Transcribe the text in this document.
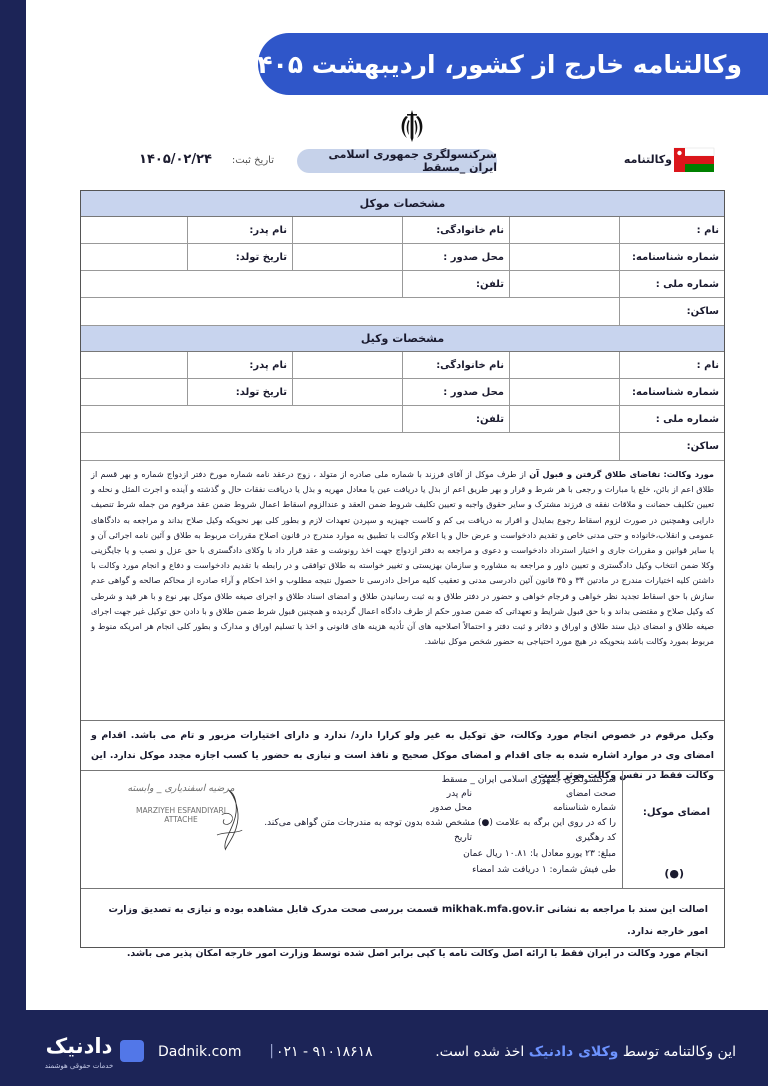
وکالتنامه خارج از کشور، اردیبهشت ۱۴۰۵
وکالتنامه
سرکنسولگری جمهوری اسلامی ایران _مسقط
تاریخ ثبت:
۱۴۰۵/۰۲/۲۴
مشخصات موکل
نام :
نام خانوادگی:
نام پدر:
شماره شناسنامه:
محل صدور :
تاریخ تولد:
شماره ملی :
تلفن:
ساکن:
مشخصات وکیل
نام :
نام خانوادگی:
نام پدر:
شماره شناسنامه:
محل صدور :
تاریخ تولد:
شماره ملی :
تلفن:
ساکن:
مورد وکالت: تقاضای طلاق گرفتن و قبول آن از طرف موکل از آقای فرزند با شماره ملی صادره از متولد ، زوج درعقد نامه شماره مورخ دفتر ازدواج شماره و بهر قسم از طلاق اعم از بائن، خلع یا مبارات و رجعی با هر شرط و قرار و بهر طریق اعم از بذل یا دریافت عین یا معادل مهریه و بذل یا دریافت نفقات حال و گذشته و آینده و اجرت المثل و نحله و تعیین تکلیف حضانت و ملاقات نفقه ی فرزند مشترک و سایر حقوق واجبه و تعیین تکلیف شروط ضمن العقد و عندالزوم اسقاط اعمال شروط ضمن عقد مرقوم من جمله شرط تنصیف دارایی وهمچنین در صورت لزوم اسقاط رجوع بمایذل و اقرار به دریافت بی کم و کاست جهیزیه و سپردن تعهدات لازم و بطور کلی بهر نحویکه وکیل صلاح بداند و مراجعه به دادگاهای عمومی و انقلاب،خانواده و حتی مدنی خاص و تقدیم دادخواست و عرض حال و یا اعلام وکالت با تطبیق به موارد مندرج در قانون اصلاح مقررات مربوط به طلاق و آئین نامه اجرائی آن و یا سایر قوانین و مقررات جاری و اختیار استرداد دادخواست و دعوی و مراجعه به دفتر ازدواج جهت اخذ رونوشت و عقد قرار داد با وکلای دادگستری با حق عزل و نصب و یا جایگزینی وکلا ضمن انتخاب وکیل دادگستری و تعیین داور و مراجعه به مشاوره و سازمان بهزیستی و تغییر خواسته به طلاق توافقی و در رابطه با تقدیم دادخواست و دفاع و انجام مورد وکالت با داشتن کلیه اختیارات مندرج در مادتین ۳۴ و ۳۵ قانون آئین دادرسی مدنی و تعقیب کلیه مراحل دادرسی تا حصول نتیجه مطلوب و اخذ احکام و آراء صادره از محاکم صالحه و گواهی عدم سازش با حق اسقاط تجدید نظر خواهی و فرجام خواهی و حضور در دفتر طلاق و به ثبت رسانیدن طلاق و امضای اسناد طلاق و اجرای صیغه طلاق موکل بهر نوع و با هر قید و شرطی که وکیل صلاح و مقتضی بداند و با حق قبول شرایط و تعهداتی که ضمن صدور حکم از طرف دادگاه اعمال گردیده و همچنین قبول شرط ضمن طلاق و با دادن حق توکیل غیر جهت اجرای صیغه طلاق و امضای ذیل سند طلاق و اوراق و دفاتر و ثبت دفتر و احتمالاً اصلاحیه های آن تأدیه هزینه های قانونی و اخذ یا تسلیم اوراق و مدارک و بطور کلی انجام هر امریکه منوط و مربوط بمورد وکالت باشد بنحویکه در هیچ مورد احتیاجی به حضور شخص موکل نباشد.
وکیل مرقوم در خصوص انجام مورد وکالت، حق توکیل به غیر ولو کرارا دارد/ ندارد و دارای اختیارات مزبور و تام می باشد. اقدام و امضای وی در موارد اشاره شده به جای اقدام و امضای موکل صحیح و نافذ است و نیازی به حضور یا کسب اجازه مجدد موکل ندارد. این وکالت فقط در نفس وکالت موثر است.
امضای موکل:
(●)
سرکنسولگری جمهوری اسلامی ایران _ مسقط
صحت امضای
نام پدر
شماره شناسنامه
محل صدور
را که در روی این برگه به علامت (●) مشخص شده بدون توجه به مندرجات متن گواهی می‌کند.
کد رهگیری
تاریخ
مبلغ: ۲۳ یورو معادل با: ۱۰.۸۱ ریال عمان
طی فیش شماره: ۱ دریافت شد امضاء
مرضیه اسفندیاری _ وابسته
MARZIYEH ESFANDIYARI
ATTACHE
اصالت این سند با مراجعه به نشانی mikhak.mfa.gov.ir قسمت بررسی صحت مدرک قابل مشاهده بوده و نیازی به تصدیق وزارت امور خارجه ندارد.
انجام مورد وکالت در ایران فقط با ارائه اصل وکالت نامه یا کپی برابر اصل شده توسط وزارت امور خارجه امکان پذیر می باشد.
دادنیک
خدمات حقوقی هوشمند
Dadnik.com	| ۰۲۱ - ۹۱۰۱۸۶۱۸	این وکالتنامه توسط وکلای دادنیک اخذ شده است.
